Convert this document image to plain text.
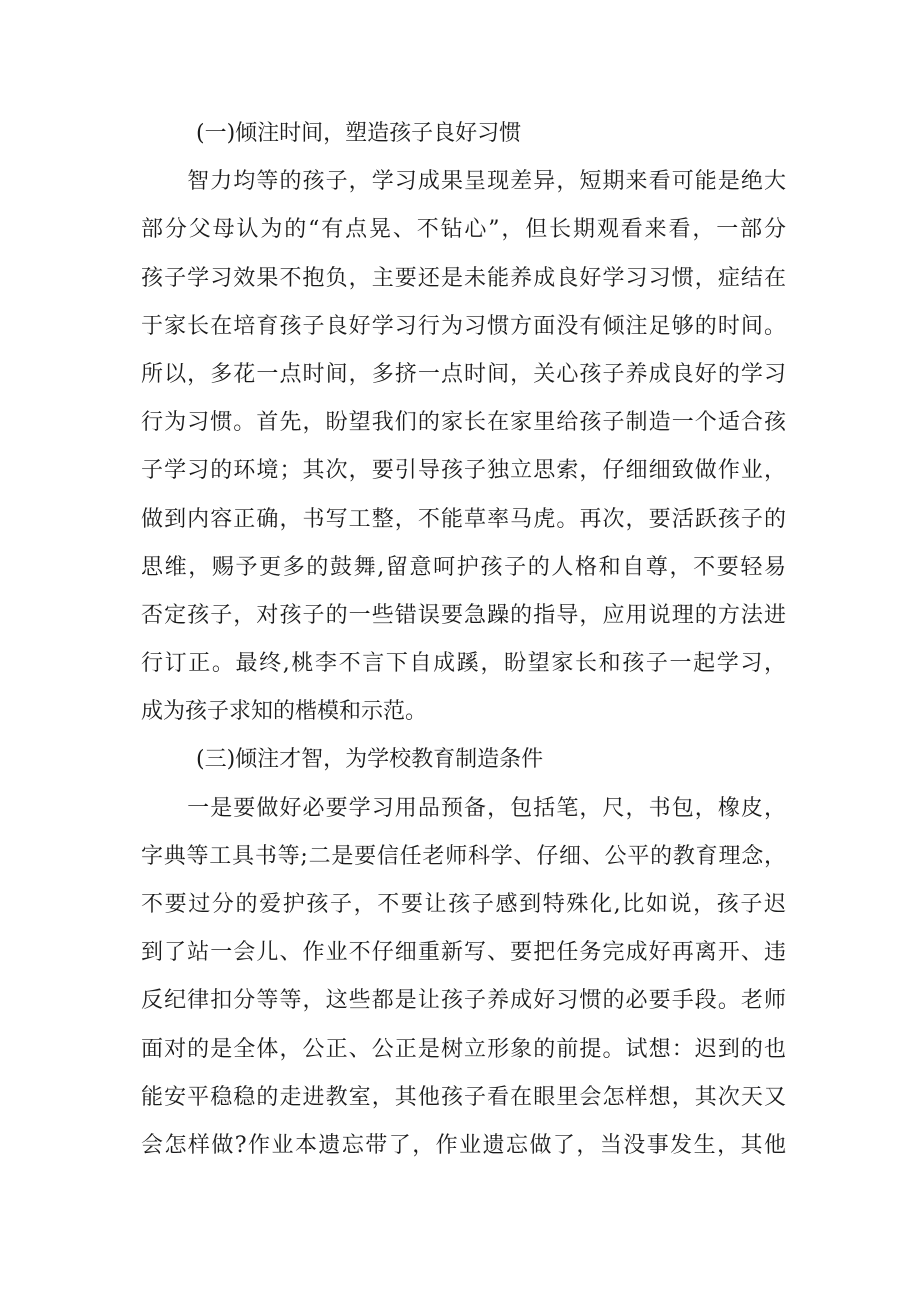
(一)倾注时间，塑造孩子良好习惯
　　智力均等的孩子，学习成果呈现差异，短期来看可能是绝大
部分父母认为的“有点晃、不钻心”，但长期观看来看，一部分
孩子学习效果不抱负，主要还是未能养成良好学习习惯，症结在
于家长在培育孩子良好学习行为习惯方面没有倾注足够的时间。
所以，多花一点时间，多挤一点时间，关心孩子养成良好的学习
行为习惯。首先，盼望我们的家长在家里给孩子制造一个适合孩
子学习的环境；其次，要引导孩子独立思索，仔细细致做作业，
做到内容正确，书写工整，不能草率马虎。再次，要活跃孩子的
思维，赐予更多的鼓舞,留意呵护孩子的人格和自尊，不要轻易
否定孩子，对孩子的一些错误要急躁的指导，应用说理的方法进
行订正。最终,桃李不言下自成蹊，盼望家长和孩子一起学习，
成为孩子求知的楷模和示范。
(三)倾注才智，为学校教育制造条件
　　一是要做好必要学习用品预备，包括笔，尺，书包，橡皮，
字典等工具书等;二是要信任老师科学、仔细、公平的教育理念，
不要过分的爱护孩子，不要让孩子感到特殊化,比如说，孩子迟
到了站一会儿、作业不仔细重新写、要把任务完成好再离开、违
反纪律扣分等等，这些都是让孩子养成好习惯的必要手段。老师
面对的是全体，公正、公正是树立形象的前提。试想：迟到的也
能安平稳稳的走进教室，其他孩子看在眼里会怎样想，其次天又
会怎样做?作业本遗忘带了，作业遗忘做了，当没事发生，其他
